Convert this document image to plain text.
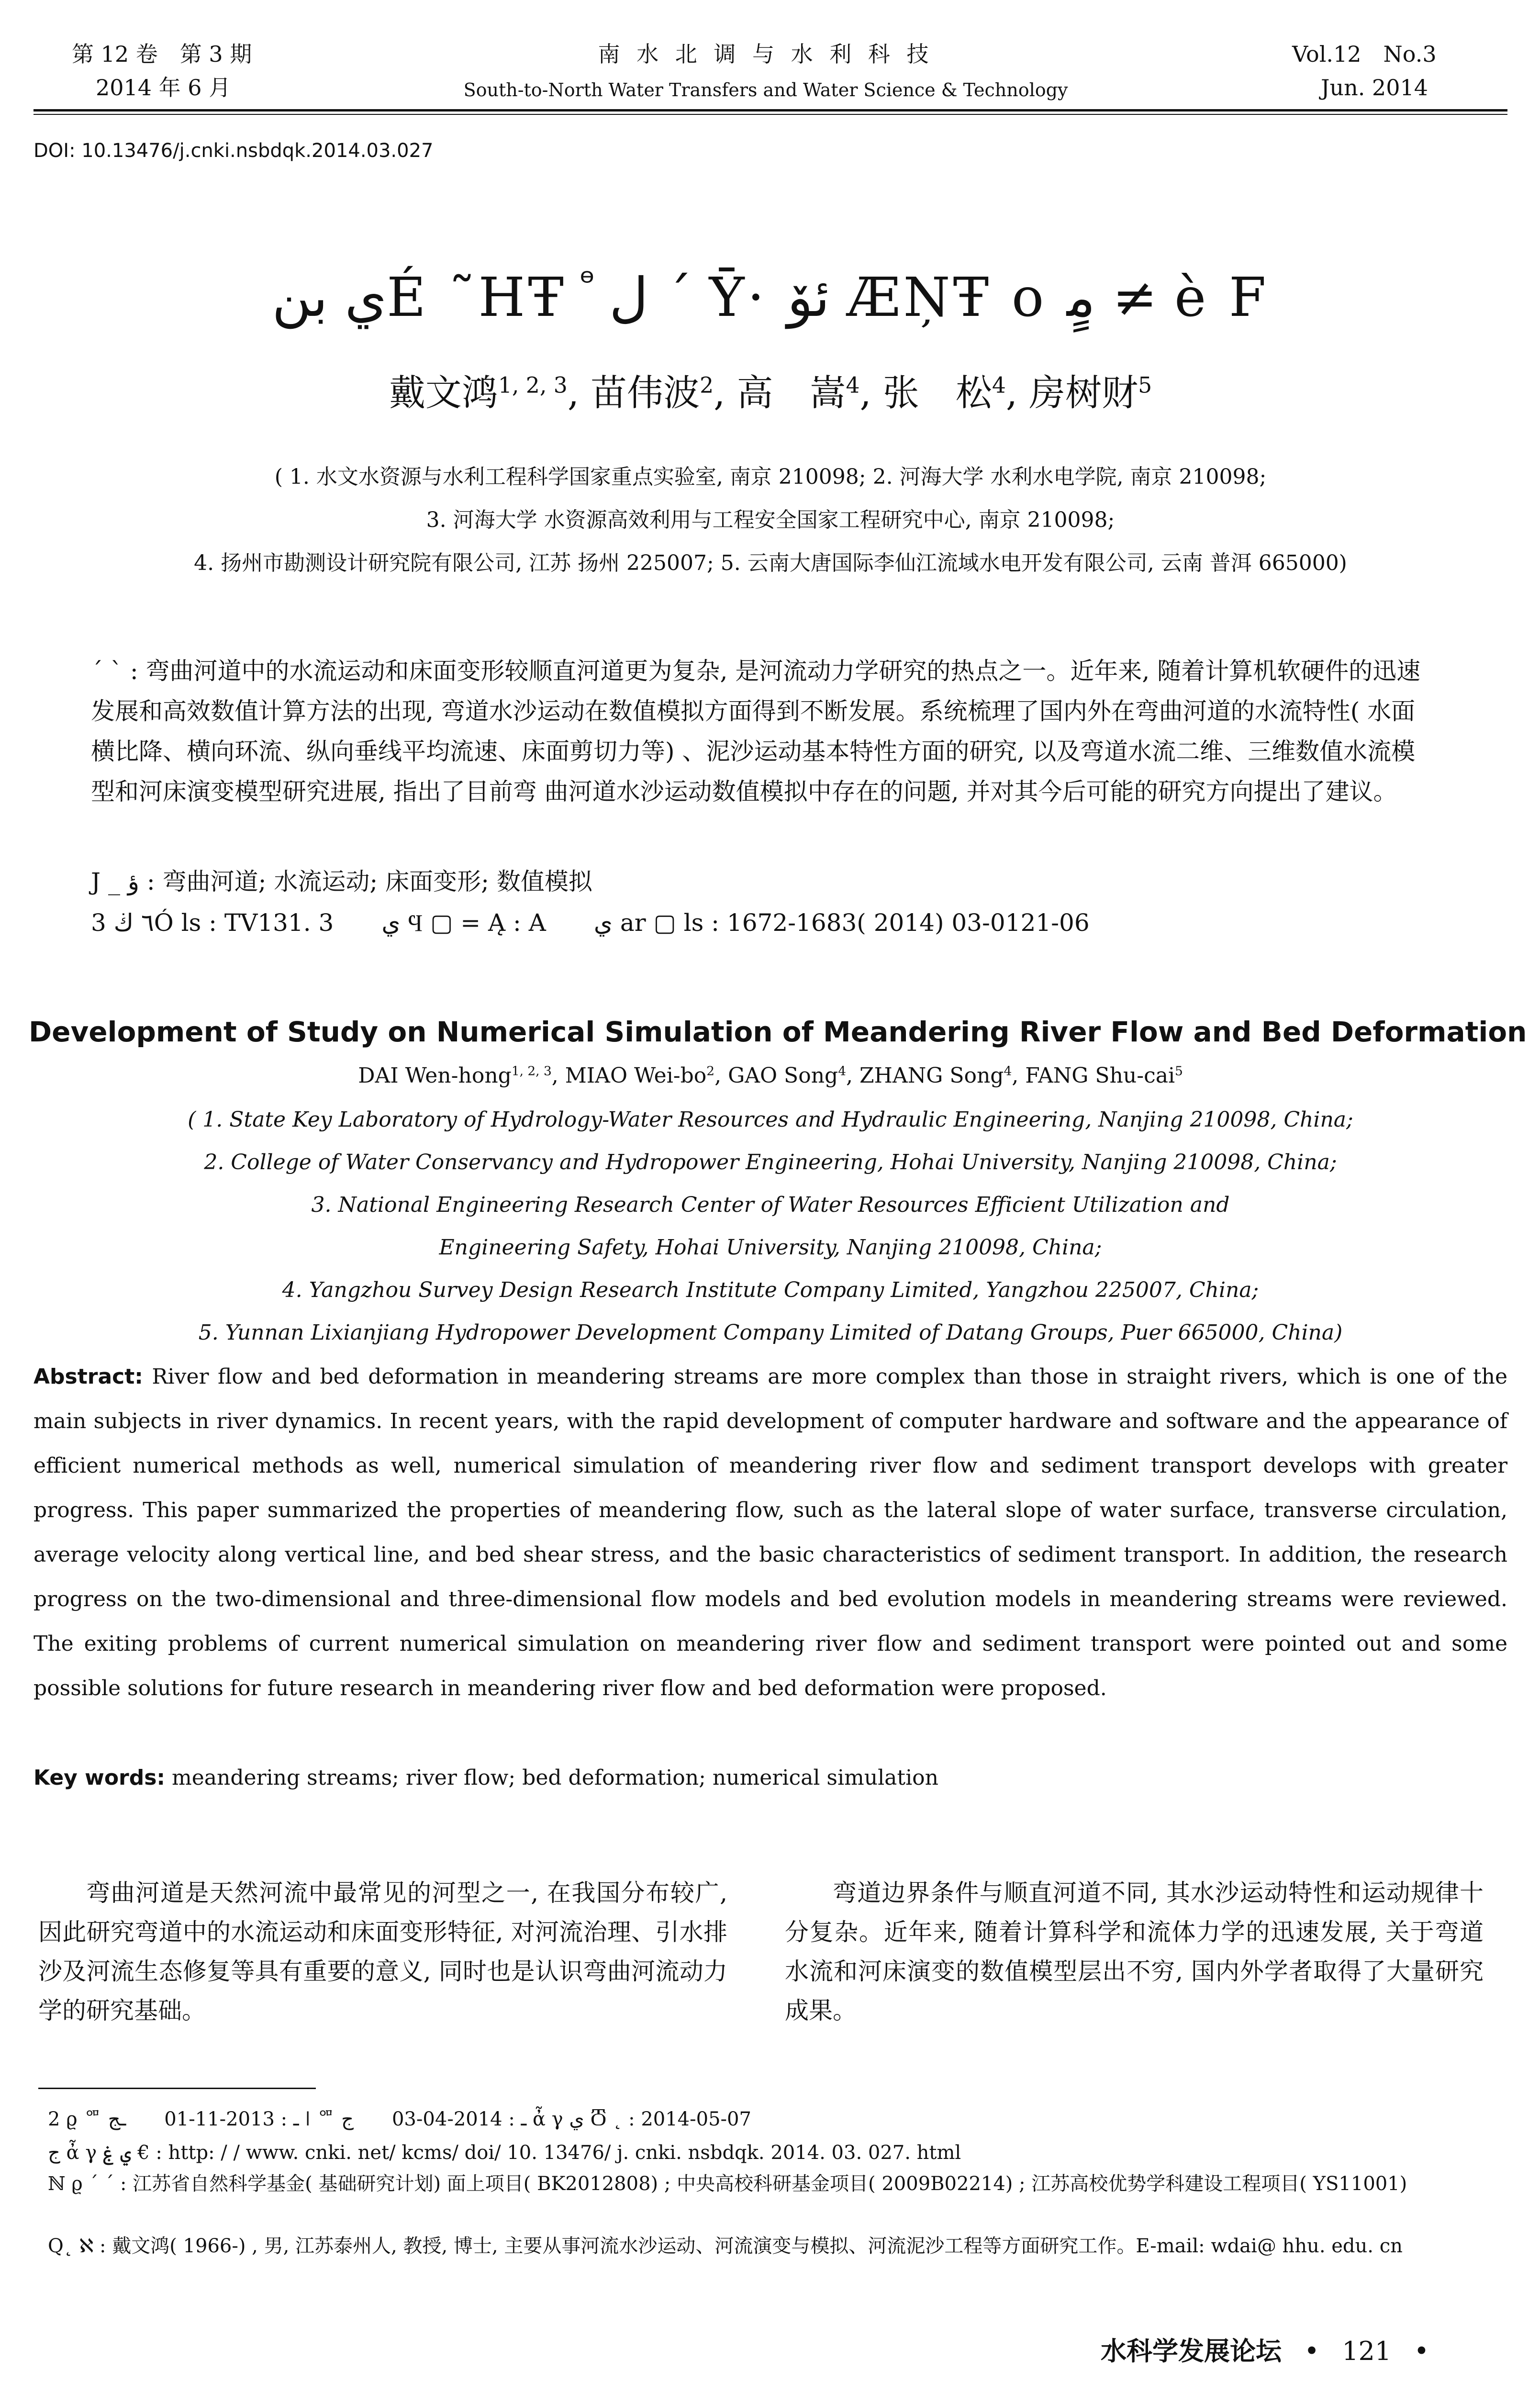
第 12 卷　第 3 期
2014 年 6 月
南 水 北 调 与 水 利 科 技
South-to-North Water Transfers and Water Science & Technology
Vol.12　No.3
Jun. 2014
DOI: 10.13476/j.cnki.nsbdqk.2014.03.027
ي بنÉ ˜HŦ ⷴ ﻝ ˊ Ȳ· ئۆ ÆŅŦ o ﻣٍ ≠ è F
戴文鸿$^{1, 2, 3}$, 苗伟波$^2$, 高　嵩$^4$, 张　松$^4$, 房树财$^5$
( 1. 水文水资源与水利工程科学国家重点实验室, 南京 210098; 2. 河海大学 水利水电学院, 南京 210098;
3. 河海大学 水资源高效利用与工程安全国家工程研究中心, 南京 210098;
4. 扬州市勘测设计研究院有限公司, 江苏 扬州 225007; 5. 云南大唐国际李仙江流域水电开发有限公司, 云南 普洱 665000)
ˊ ˋ : 弯曲河道中的水流运动和床面变形较顺直河道更为复杂, 是河流动力学研究的热点之一。近年来, 随着计算机软硬件的迅速发展和高效数值计算方法的出现, 弯道水沙运动在数值模拟方面得到不断发展。系统梳理了国内外在弯曲河道的水流特性( 水面横比降、横向环流、纵向垂线平均流速、床面剪切力等) 、泥沙运动基本特性方面的研究, 以及弯道水流二维、三维数值水流模型和河床演变模型研究进展, 指出了目前弯 曲河道水沙运动数值模拟中存在的问题, 并对其今后可能的研究方向提出了建议。
J _ ؤ : 弯曲河道; 水流运动; 床面变形; 数值模拟
3 ٦ ڬÓ ls : TV131. 3　　ي Ϥ ▢ = Ą : A　　ي ar ▢ ls : 1672-1683( 2014) 03-0121-06
Development of Study on Numerical Simulation of Meandering River Flow and Bed Deformation
DAI Wen-hong$^{1, 2, 3}$, MIAO Wei-$bo^2$, GAO Song$^4$, ZHANG Song$^4$, FANG Shu-cai$^5$
( 1. State Key Laboratory of Hydrology-Water Resources and Hydraulic Engineering, Nanjing 210098, China;
2. College of Water Conservancy and Hydropower Engineering, Hohai University, Nanjing 210098, China;
3. National Engineering Research Center of Water Resources Efficient Utilization and
Engineering Safety, Hohai University, Nanjing 210098, China;
4. Yangzhou Survey Design Research Institute Company Limited, Yangzhou 225007, China;
5. Yunnan Lixianjiang Hydropower Development Company Limited of Datang Groups, Puer 665000, China)
Abstract: River flow and bed deformation in meandering streams are more complex than those in straight rivers, which is one of the main subjects in river dynamics. In recent years, with the rapid development of computer hardware and software and the appearance of efficient numerical methods as well, numerical simulation of meandering river flow and sediment transport develops with greater progress. This paper summarized the properties of meandering flow, such as the lateral slope of water surface, transverse circulation, average velocity along vertical line, and bed shear stress, and the basic characteristics of sediment transport. In addition, the research progress on the two-dimensional and three-dimensional flow models and bed evolution models in meandering streams were reviewed. The exiting problems of current numerical simulation on meandering river flow and sediment transport were pointed out and some possible solutions for future research in meandering river flow and bed deformation were proposed.
Key words: meandering streams; river flow; bed deformation; numerical simulation
弯曲河道是天然河流中最常见的河型之一, 在我国分布较广, 因此研究弯道中的水流运动和床面变形特征, 对河流治理、引水排沙及河流生态修复等具有重要的意义, 同时也是认识弯曲河流动力学的研究基础。
弯道边界条件与顺直河道不同, 其水沙运动特性和运动规律十分复杂。近年来, 随着计算科学和流体力学的迅速发展, 关于弯道水流和河床演变的数值模型层出不穷, 国内外学者取得了大量研究成果。
2 ϱ ᅃ ـ : 2013-11-01　　ـج ǀ ᅃ ـ : 2014-04-03　　ج ἆ γ ي Ⴃ ˛ : 2014-05-07
ج ἆ γ ي ۼ € : http: / / www. cnki. net/ kcms/ doi/ 10. 13476/ j. cnki. nsbdqk. 2014. 03. 027. html
ℕ ϱ ˊ ˊ : 江苏省自然科学基金( 基础研究计划) 面上项目( BK2012808) ; 中央高校科研基金项目( 2009B02214) ; 江苏高校优势学科建设工程项目( YS11001)
Q˛ ℵ : 戴文鸿( 1966-) , 男, 江苏泰州人, 教授, 博士, 主要从事河流水沙运动、河流演变与模拟、河流泥沙工程等方面研究工作。E-mail: wdai@ hhu. edu. cn
水科学发展论坛 • 121 •
